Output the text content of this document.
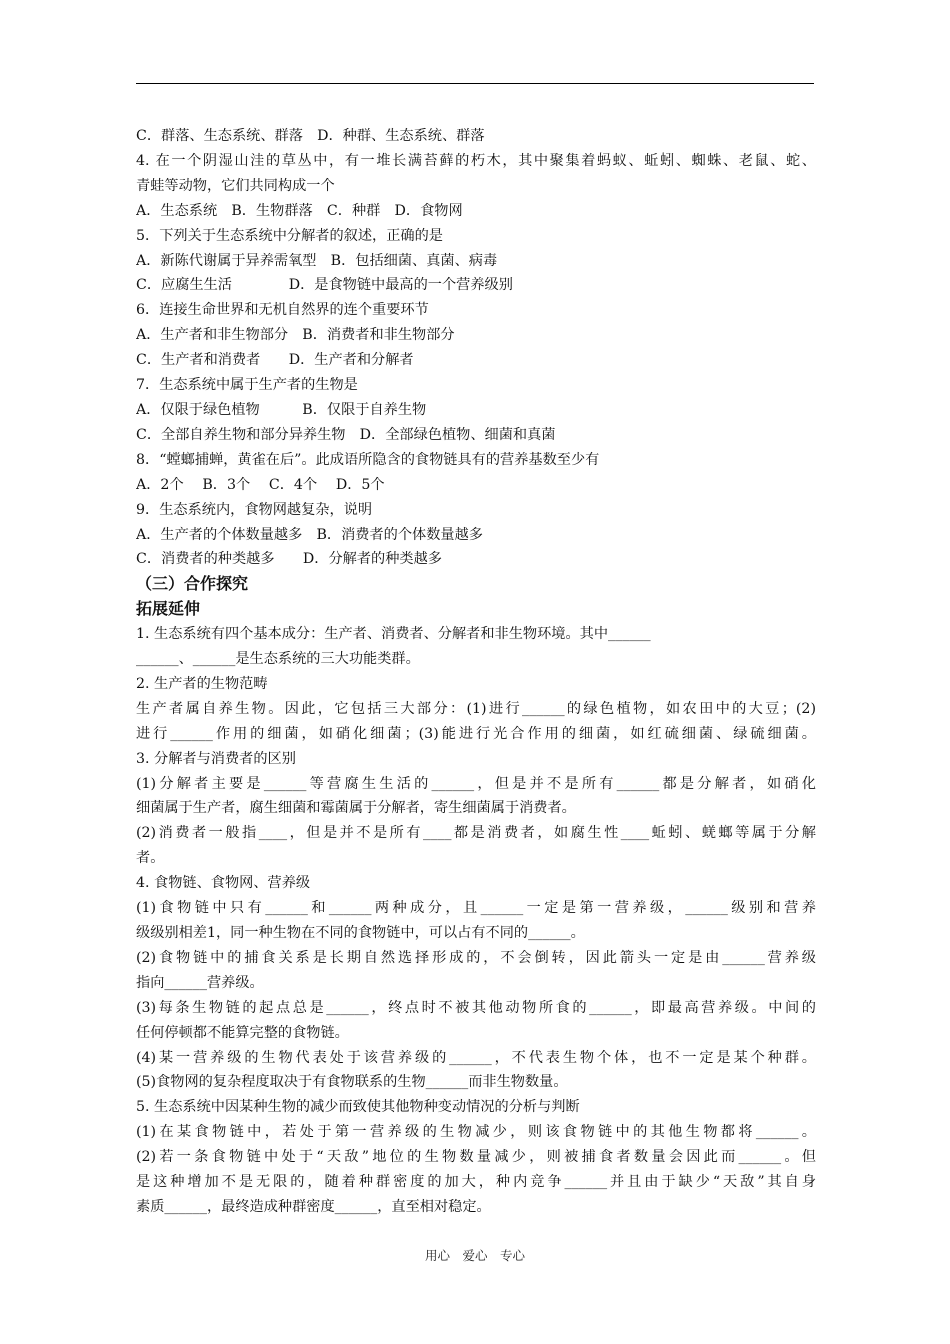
C．群落、生态系统、群落　D．种群、生态系统、群落
4. 在一个阴湿山洼的草丛中，有一堆长满苔藓的朽木，其中聚集着蚂蚁、蚯蚓、蜘蛛、老鼠、蛇、
青蛙等动物，它们共同构成一个
A．生态系统　B．生物群落　C．种群　D．食物网
5．下列关于生态系统中分解者的叙述，正确的是
A．新陈代谢属于异养需氧型　B．包括细菌、真菌、病毒
C．应腐生生活　　　　D．是食物链中最高的一个营养级别
6．连接生命世界和无机自然界的连个重要环节
A．生产者和非生物部分　B．消费者和非生物部分
C．生产者和消费者　　D．生产者和分解者
7．生态系统中属于生产者的生物是
A．仅限于绿色植物　　　B．仅限于自养生物
C．全部自养生物和部分异养生物　D．全部绿色植物、细菌和真菌
8．“螳螂捕蝉，黄雀在后”。此成语所隐含的食物链具有的营养基数至少有
A．2个　 B．3个　 C．4个　 D．5个
9．生态系统内，食物网越复杂，说明
A．生产者的个体数量越多　B．消费者的个体数量越多
C．消费者的种类越多　　D．分解者的种类越多
（三）合作探究
拓展延伸
1. 生态系统有四个基本成分：生产者、消费者、分解者和非生物环境。其中______
______、______是生态系统的三大功能类群。
2. 生产者的生物范畴
生产者属自养生物。因此，它包括三大部分：(1)进行______的绿色植物，如农田中的大豆；(2)
进行______作用的细菌，如硝化细菌；(3)能进行光合作用的细菌，如红硫细菌、绿硫细菌。
3. 分解者与消费者的区别
(1)分解者主要是______等营腐生生活的______，但是并不是所有______都是分解者，如硝化
细菌属于生产者，腐生细菌和霉菌属于分解者，寄生细菌属于消费者。
(2)消费者一般指____，但是并不是所有____都是消费者，如腐生性____蚯蚓、蜣螂等属于分解
者。
4. 食物链、食物网、营养级
(1)食物链中只有______和______两种成分，且______一定是第一营养级，______级别和营养
级级别相差1，同一种生物在不同的食物链中，可以占有不同的______。
(2)食物链中的捕食关系是长期自然选择形成的，不会倒转，因此箭头一定是由______营养级
指向______营养级。
(3)每条生物链的起点总是______，终点时不被其他动物所食的______，即最高营养级。中间的
任何停顿都不能算完整的食物链。
(4)某一营养级的生物代表处于该营养级的______，不代表生物个体，也不一定是某个种群。
(5)食物网的复杂程度取决于有食物联系的生物______而非生物数量。
5. 生态系统中因某种生物的减少而致使其他物种变动情况的分析与判断
(1)在某食物链中，若处于第一营养级的生物减少，则该食物链中的其他生物都将______。
(2)若一条食物链中处于“天敌”地位的生物数量减少，则被捕食者数量会因此而______。但
是这种增加不是无限的，随着种群密度的加大，种内竞争______并且由于缺少“天敌”其自身
素质______，最终造成种群密度______，直至相对稳定。
用心　爱心　专心
